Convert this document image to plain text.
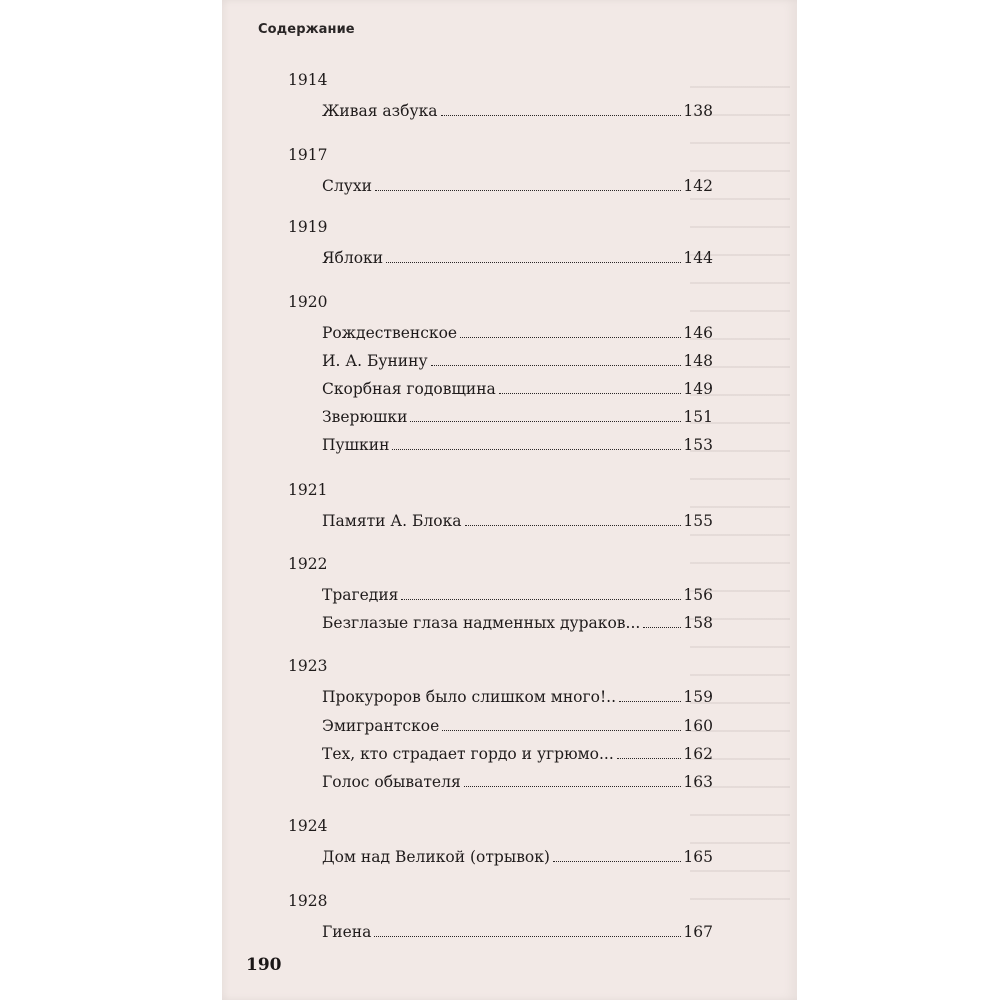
Содержание
1914
Живая азбука	138
1917
Слухи	142
1919
Яблоки	144
1920
Рождественское	146
И. А. Бунину	148
Скорбная годовщина	149
Зверюшки	151
Пушкин	153
1921
Памяти А. Блока	155
1922
Трагедия	156
Безглазые глаза надменных дураков...	158
1923
Прокуроров было слишком много!..	159
Эмигрантское	160
Тех, кто страдает гордо и угрюмо...	162
Голос обывателя	163
1924
Дом над Великой (отрывок)	165
1928
Гиена	167
190
